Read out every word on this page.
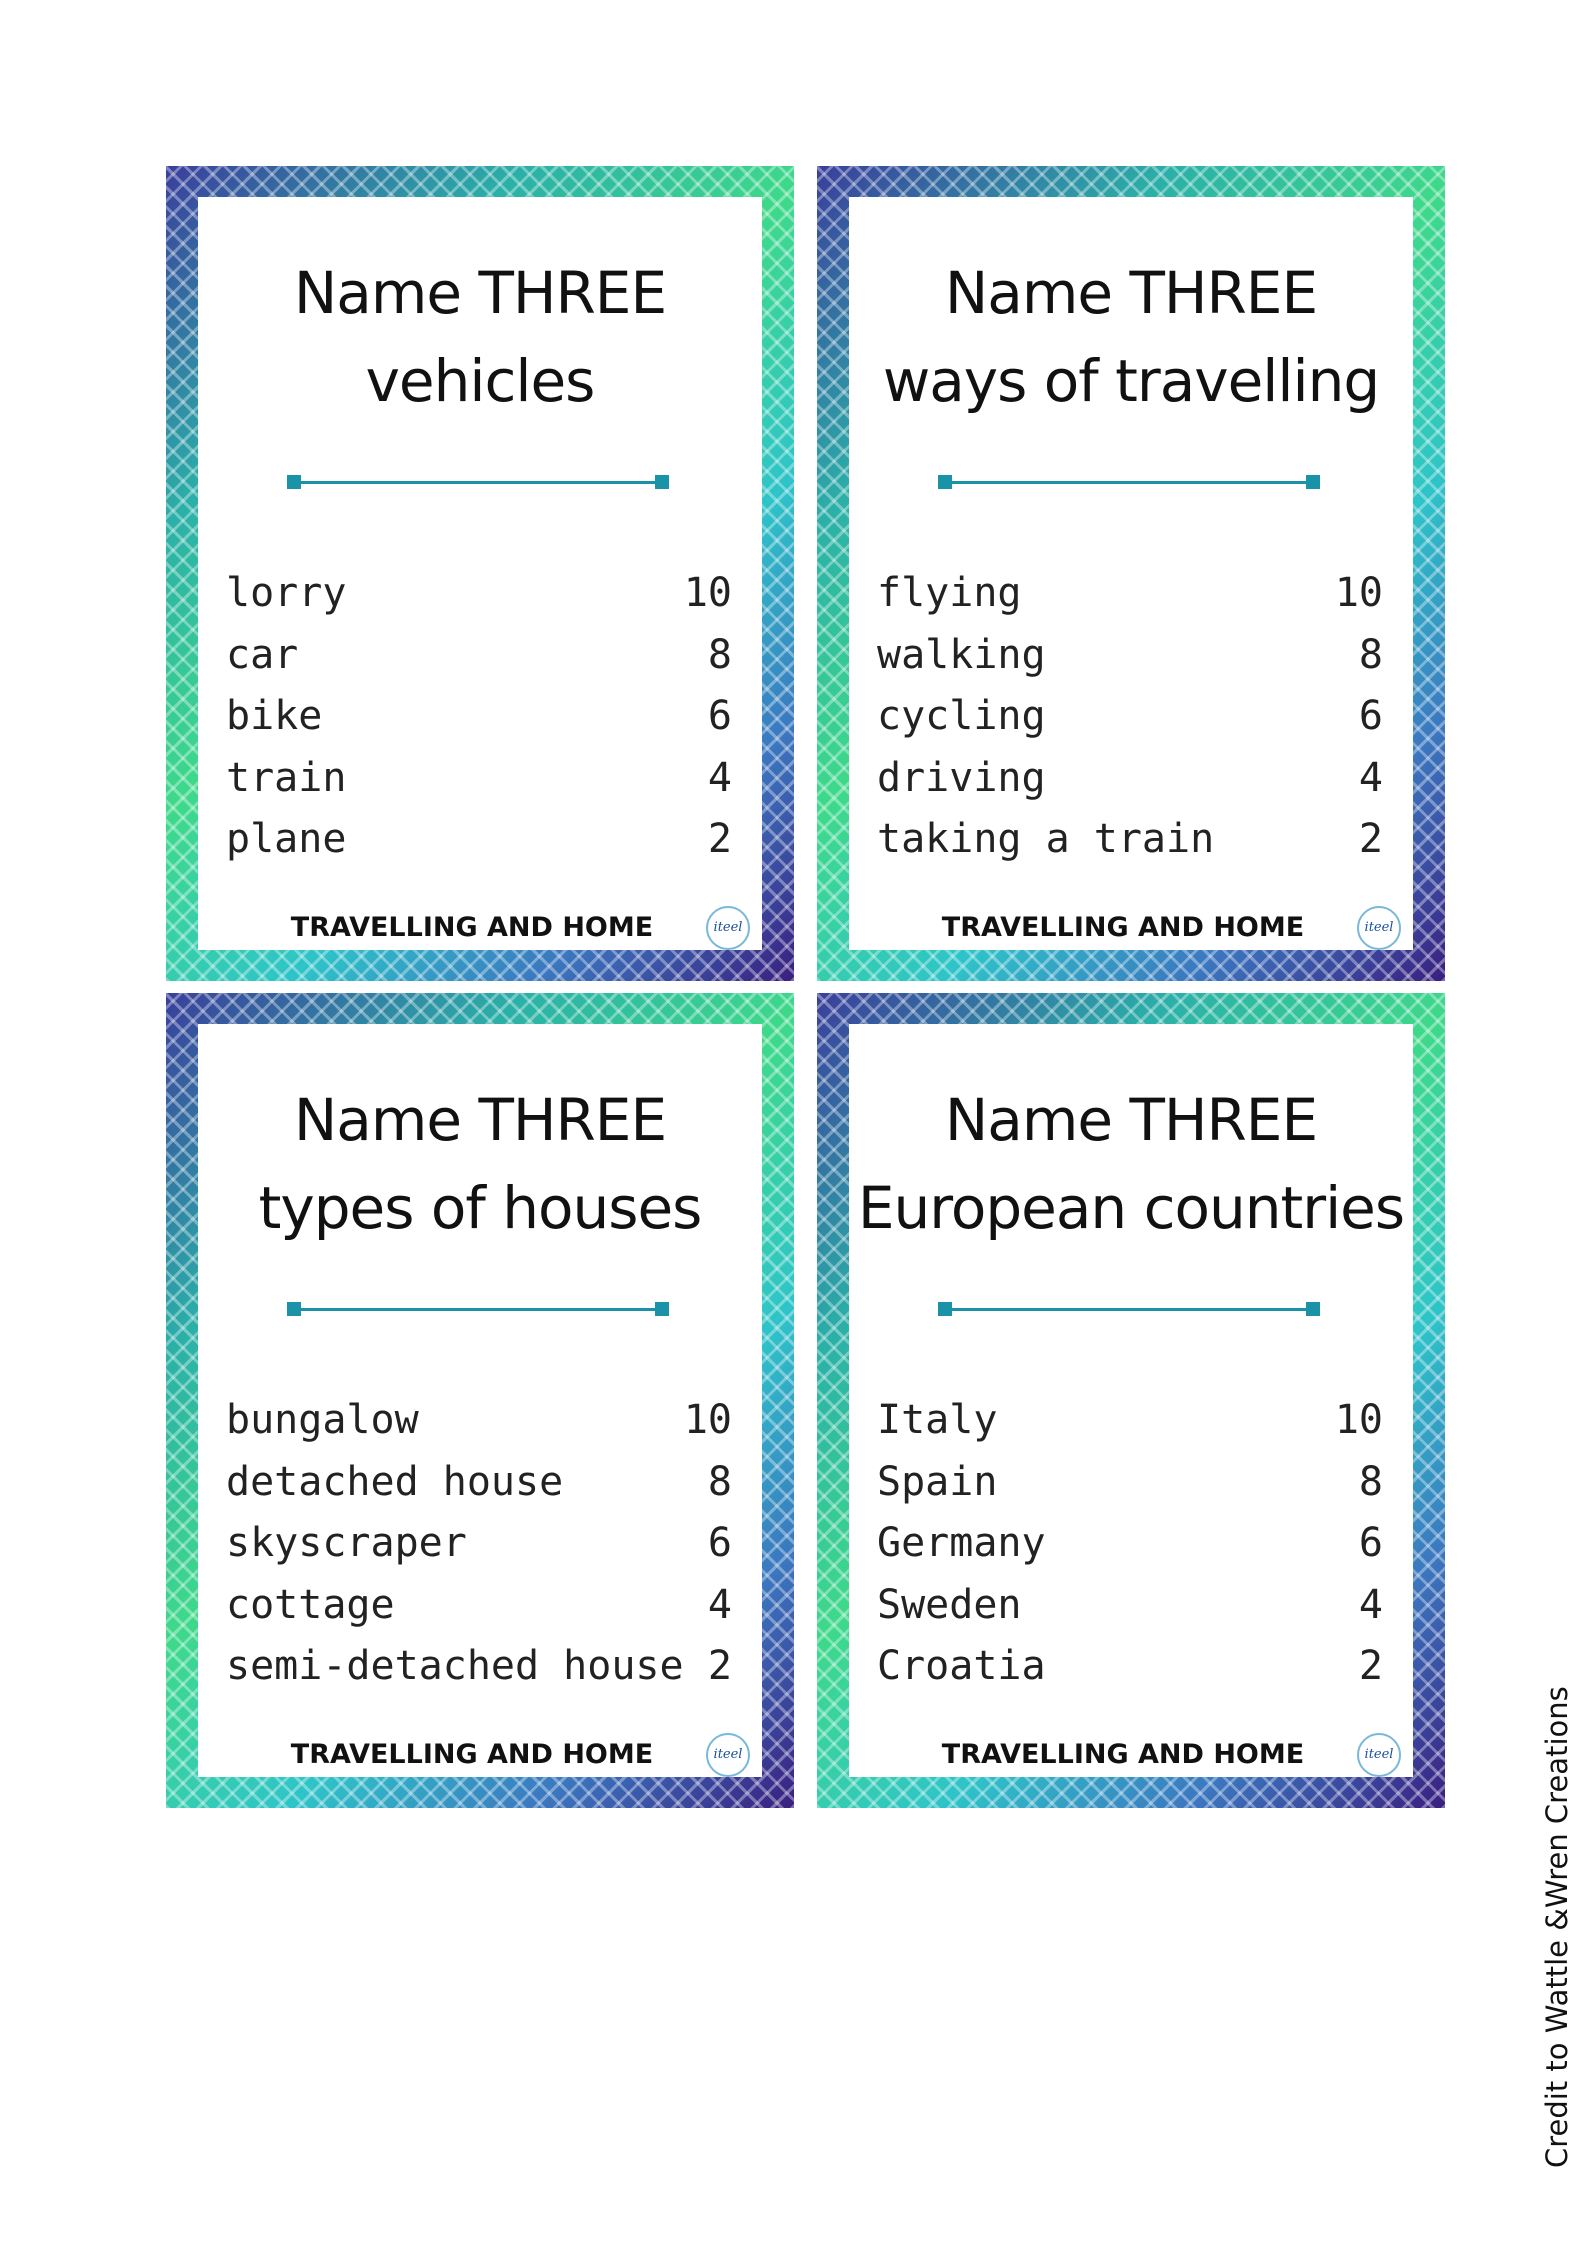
Name THREE
vehicles
lorry	10
car	8
bike	6
train	4
plane	2
TRAVELLING AND HOME	iteel
Name THREE
ways of travelling
flying	10
walking	8
cycling	6
driving	4
taking a train	2
TRAVELLING AND HOME	iteel
Name THREE
types of houses
bungalow	10
detached house	8
skyscraper	6
cottage	4
semi-detached house 2
TRAVELLING AND HOME	iteel
Name THREE
European countries
Italy	10
Spain	8
Germany	6
Sweden	4
Croatia	2
TRAVELLING AND HOME	iteel	Credit to Wattle &Wren Creations
